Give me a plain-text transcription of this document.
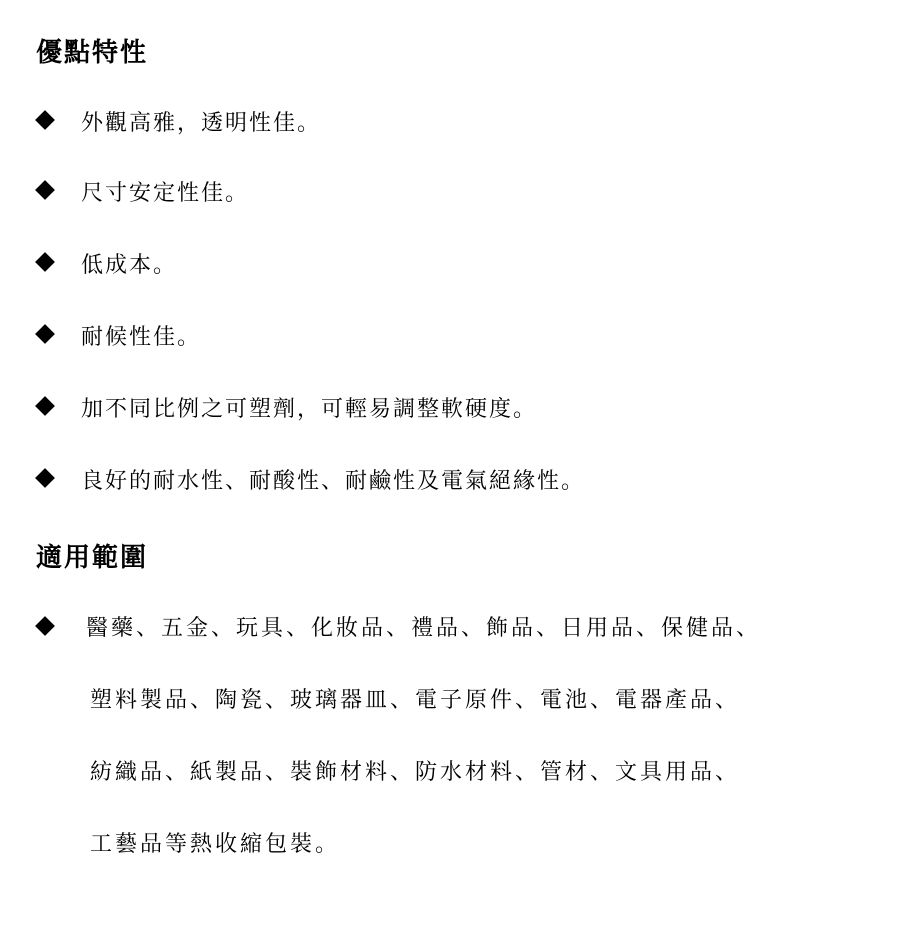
優點特性
外觀高雅，透明性佳。
尺寸安定性佳。
低成本。
耐候性佳。
加不同比例之可塑劑，可輕易調整軟硬度。
良好的耐水性、耐酸性、耐鹼性及電氣絕緣性。
適用範圍
醫藥、五金、玩具、化妝品、禮品、飾品、日用品、保健品、
塑料製品、陶瓷、玻璃器皿、電子原件、電池、電器產品、
紡織品、紙製品、裝飾材料、防水材料、管材、文具用品、
工藝品等熱收縮包裝。
